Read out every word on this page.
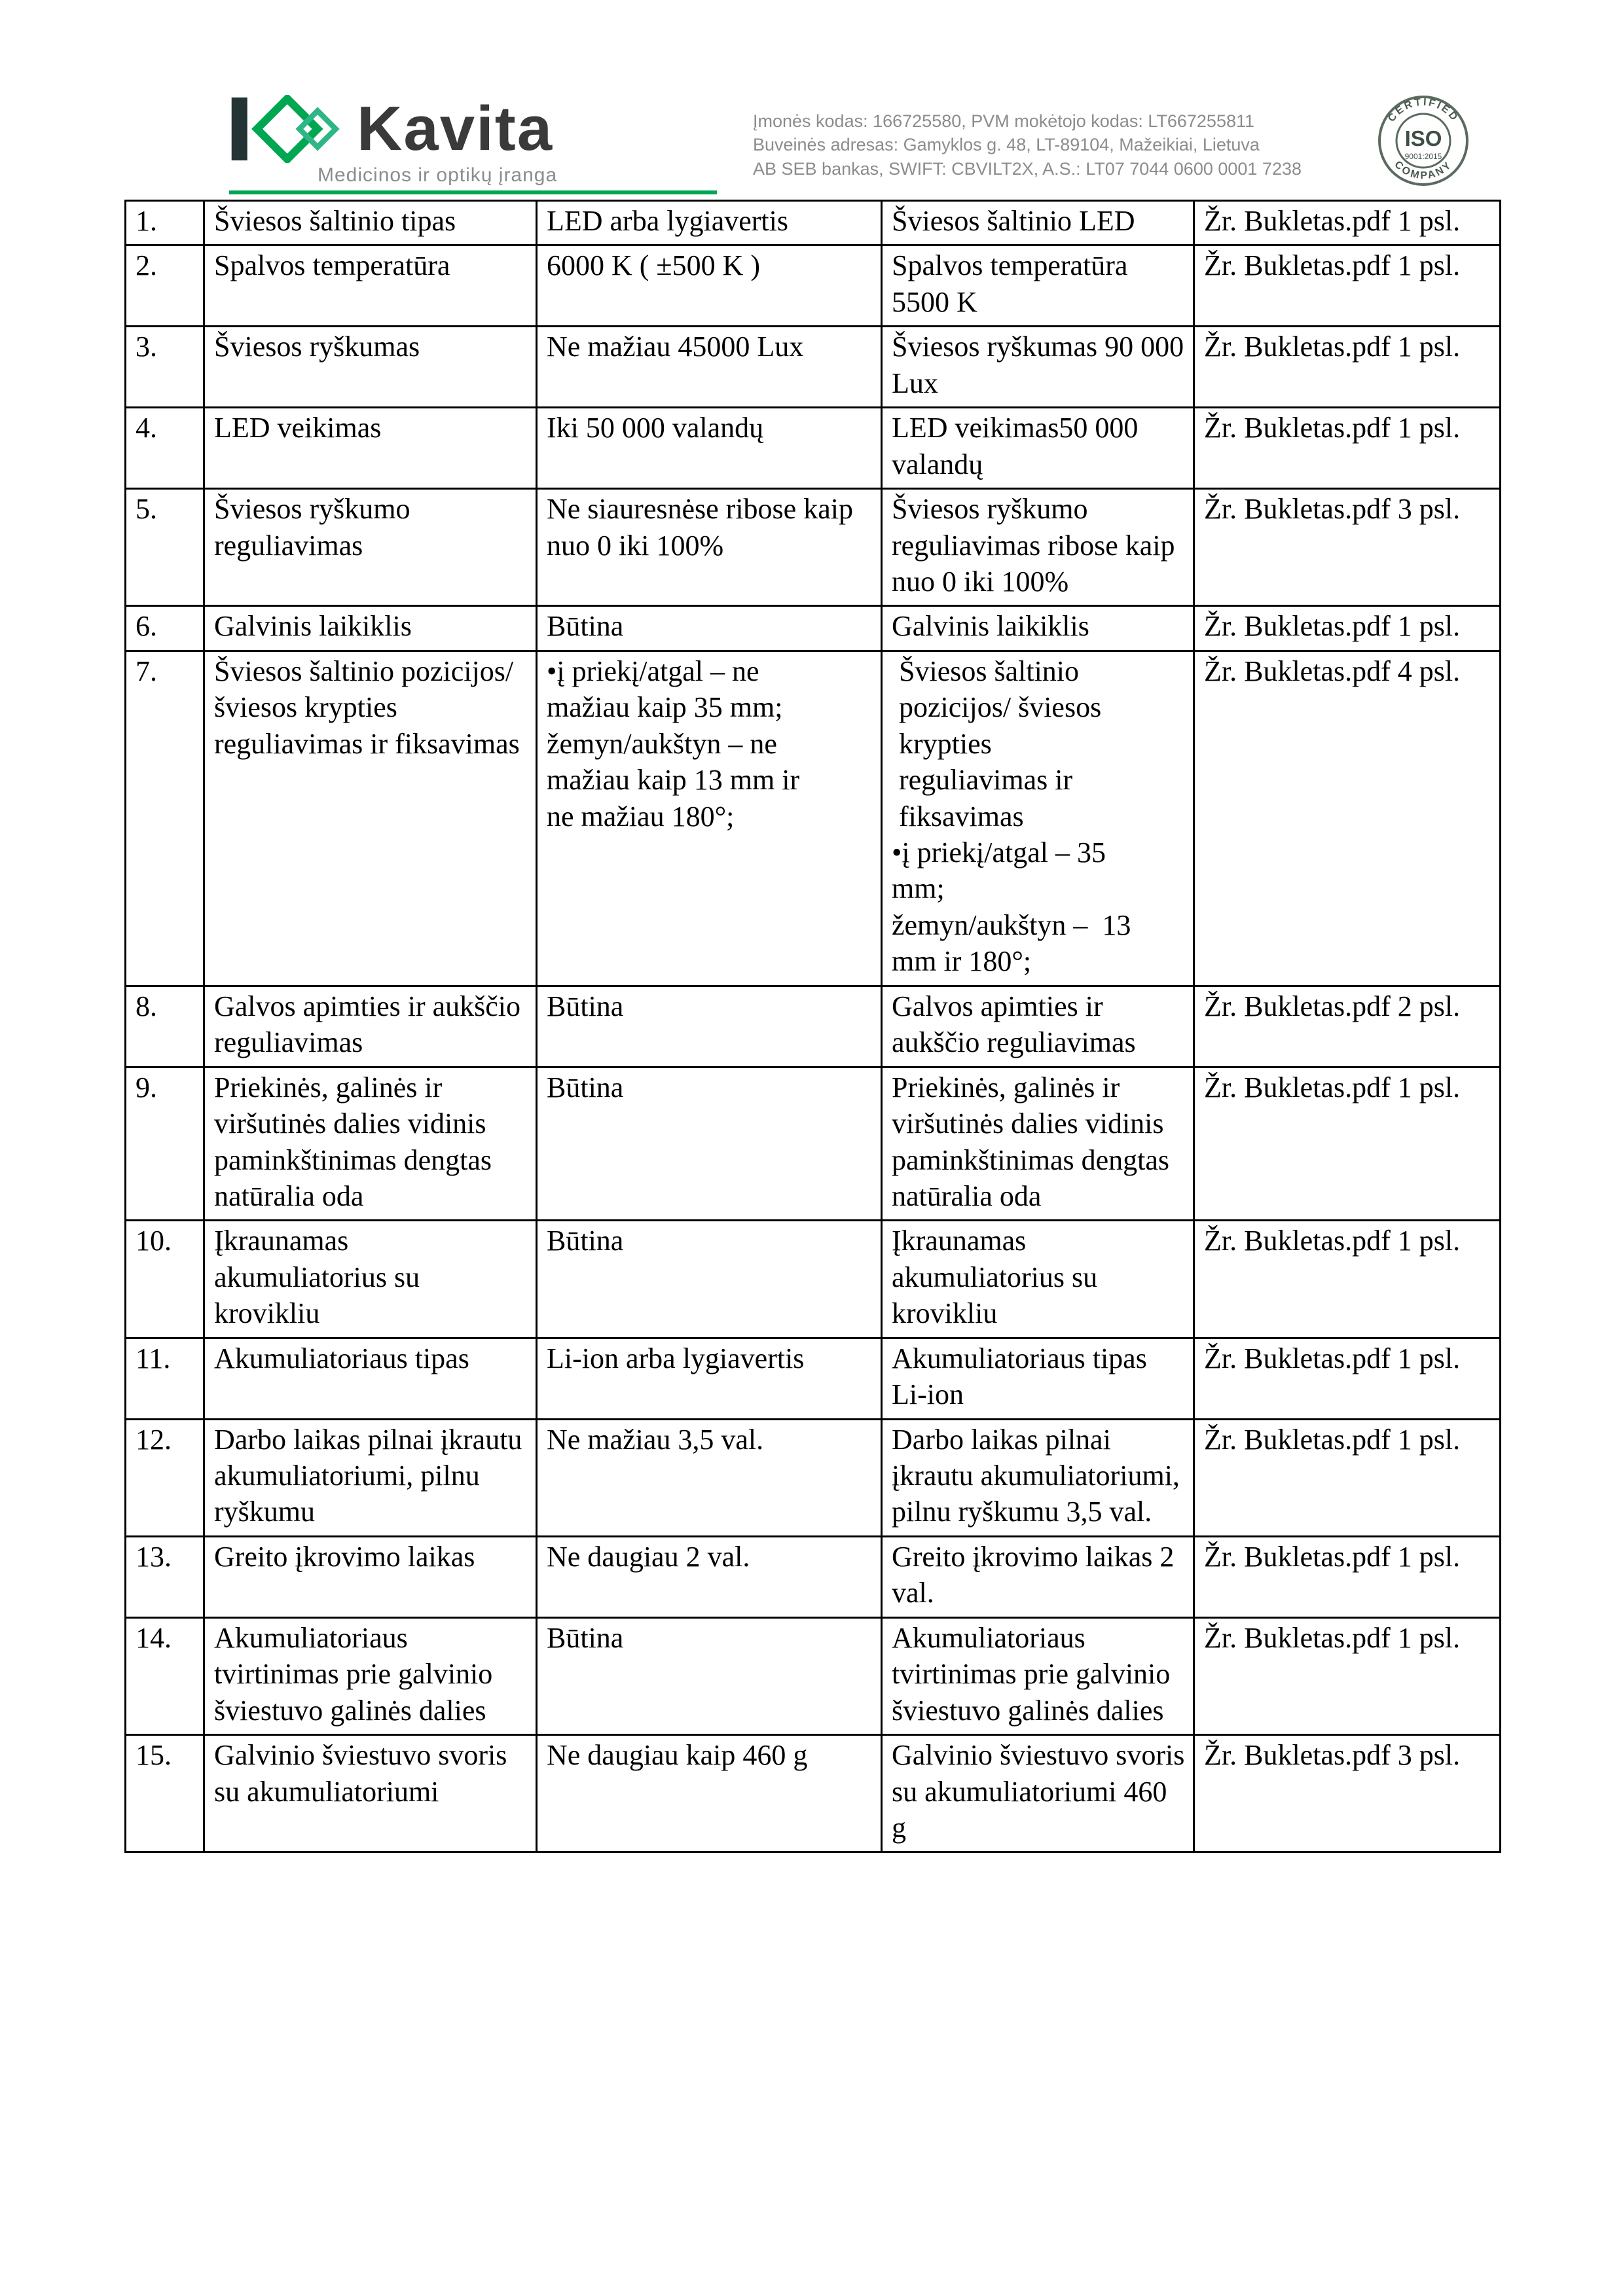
Kavita
Medicinos ir optikų įranga
Įmonės kodas: 166725580, PVM mokėtojo kodas: LT667255811
Buveinės adresas: Gamyklos g. 48, LT-89104, Mažeikiai, Lietuva
AB SEB bankas, SWIFT: CBVILT2X, A.S.: LT07 7044 0600 0001 7238
CERTIFIED
COMPANY
ISO
9001:2015
1.	Šviesos šaltinio tipas	LED arba lygiavertis	Šviesos šaltinio LED	Žr. Bukletas.pdf 1 psl.
2.	Spalvos temperatūra	6000 K ( ±500 K )	Spalvos temperatūra 5500 K	Žr. Bukletas.pdf 1 psl.
3.	Šviesos ryškumas	Ne mažiau 45000 Lux	Šviesos ryškumas 90 000 Lux	Žr. Bukletas.pdf 1 psl.
4.	LED veikimas	Iki 50 000 valandų	LED veikimas50 000 valandų	Žr. Bukletas.pdf 1 psl.
5.	Šviesos ryškumo reguliavimas	Ne siauresnėse ribose kaip nuo 0 iki 100%	Šviesos ryškumo reguliavimas ribose kaip nuo 0 iki 100%	Žr. Bukletas.pdf 3 psl.
6.	Galvinis laikiklis	Būtina	Galvinis laikiklis	Žr. Bukletas.pdf 1 psl.
7.	Šviesos šaltinio pozicijos/ šviesos krypties reguliavimas ir fiksavimas	•į priekį/atgal – ne
mažiau kaip 35 mm;
žemyn/aukštyn – ne
mažiau kaip 13 mm ir
ne mažiau 180°;	Šviesos šaltinio
pozicijos/ šviesos
krypties
reguliavimas ir
fiksavimas
•į priekį/atgal – 35
mm;
žemyn/aukštyn –  13
mm ir 180°;	Žr. Bukletas.pdf 4 psl.
8.	Galvos apimties ir aukščio reguliavimas	Būtina	Galvos apimties ir aukščio reguliavimas	Žr. Bukletas.pdf 2 psl.
9.	Priekinės, galinės ir viršutinės dalies vidinis paminkštinimas dengtas natūralia oda	Būtina	Priekinės, galinės ir viršutinės dalies vidinis paminkštinimas dengtas natūralia oda	Žr. Bukletas.pdf 1 psl.
10.	Įkraunamas akumuliatorius su krovikliu	Būtina	Įkraunamas akumuliatorius su krovikliu	Žr. Bukletas.pdf 1 psl.
11.	Akumuliatoriaus tipas	Li-ion arba lygiavertis	Akumuliatoriaus tipas Li-ion	Žr. Bukletas.pdf 1 psl.
12.	Darbo laikas pilnai įkrautu akumuliatoriumi, pilnu ryškumu	Ne mažiau 3,5 val.	Darbo laikas pilnai įkrautu akumuliatoriumi, pilnu ryškumu 3,5 val.	Žr. Bukletas.pdf 1 psl.
13.	Greito įkrovimo laikas	Ne daugiau 2 val.	Greito įkrovimo laikas 2 val.	Žr. Bukletas.pdf 1 psl.
14.	Akumuliatoriaus tvirtinimas prie galvinio šviestuvo galinės dalies	Būtina	Akumuliatoriaus tvirtinimas prie galvinio šviestuvo galinės dalies	Žr. Bukletas.pdf 1 psl.
15.	Galvinio šviestuvo svoris su akumuliatoriumi	Ne daugiau kaip 460 g	Galvinio šviestuvo svoris su akumuliatoriumi 460 g	Žr. Bukletas.pdf 3 psl.
